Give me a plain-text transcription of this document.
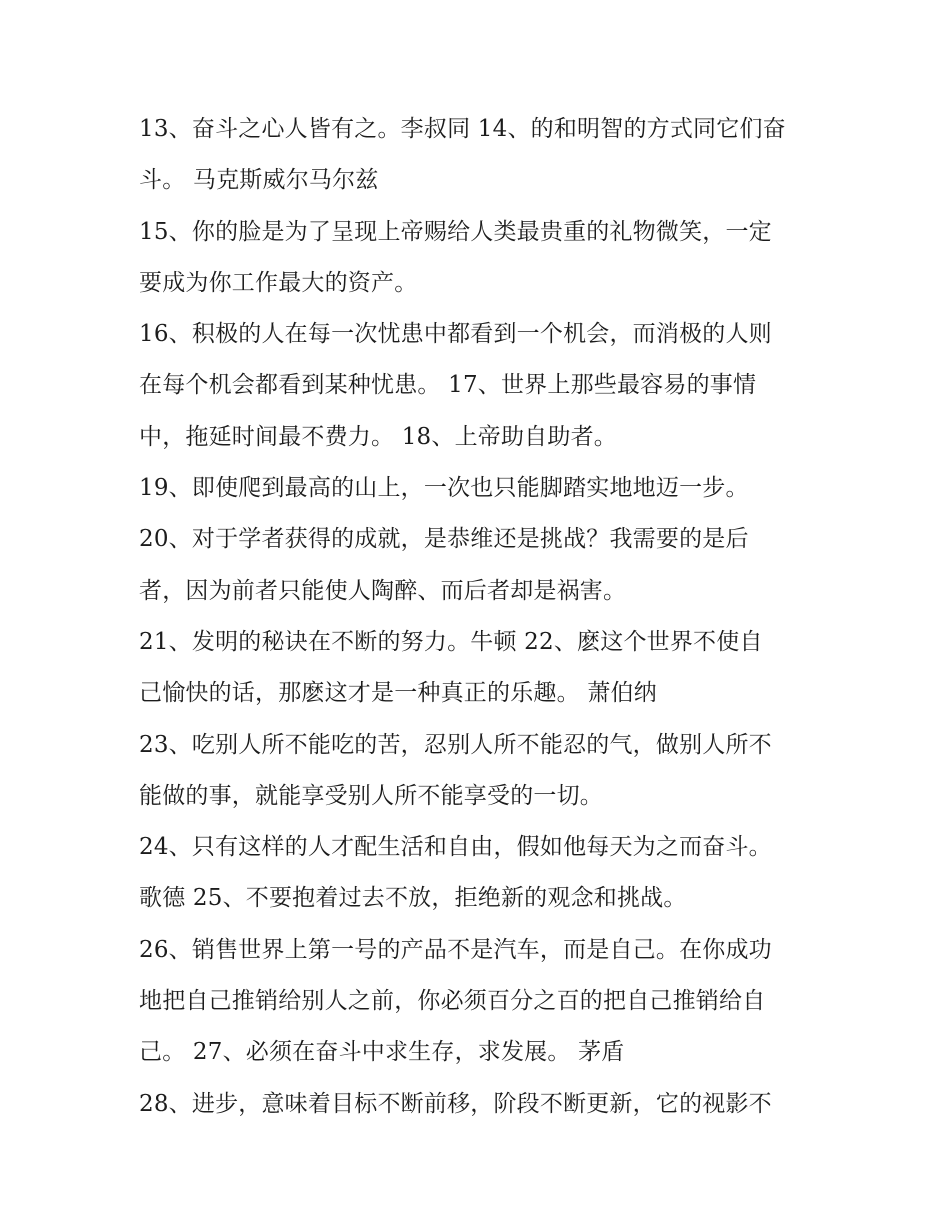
13、奋斗之心人皆有之。李叔同 14、的和明智的方式同它们奋
斗。 马克斯威尔马尔兹
15、你的脸是为了呈现上帝赐给人类最贵重的礼物微笑，一定
要成为你工作最大的资产。
16、积极的人在每一次忧患中都看到一个机会，而消极的人则
在每个机会都看到某种忧患。 17、世界上那些最容易的事情
中，拖延时间最不费力。 18、上帝助自助者。
19、即使爬到最高的山上，一次也只能脚踏实地地迈一步。
20、对于学者获得的成就，是恭维还是挑战？我需要的是后
者，因为前者只能使人陶醉、而后者却是祸害。
21、发明的秘诀在不断的努力。牛顿 22、麽这个世界不使自
己愉快的话，那麽这才是一种真正的乐趣。 萧伯纳
23、吃别人所不能吃的苦，忍别人所不能忍的气，做别人所不
能做的事，就能享受别人所不能享受的一切。
24、只有这样的人才配生活和自由，假如他每天为之而奋斗。
歌德 25、不要抱着过去不放，拒绝新的观念和挑战。
26、销售世界上第一号的产品不是汽车，而是自己。在你成功
地把自己推销给别人之前，你必须百分之百的把自己推销给自
己。 27、必须在奋斗中求生存，求发展。 茅盾
28、进步，意味着目标不断前移，阶段不断更新，它的视影不
